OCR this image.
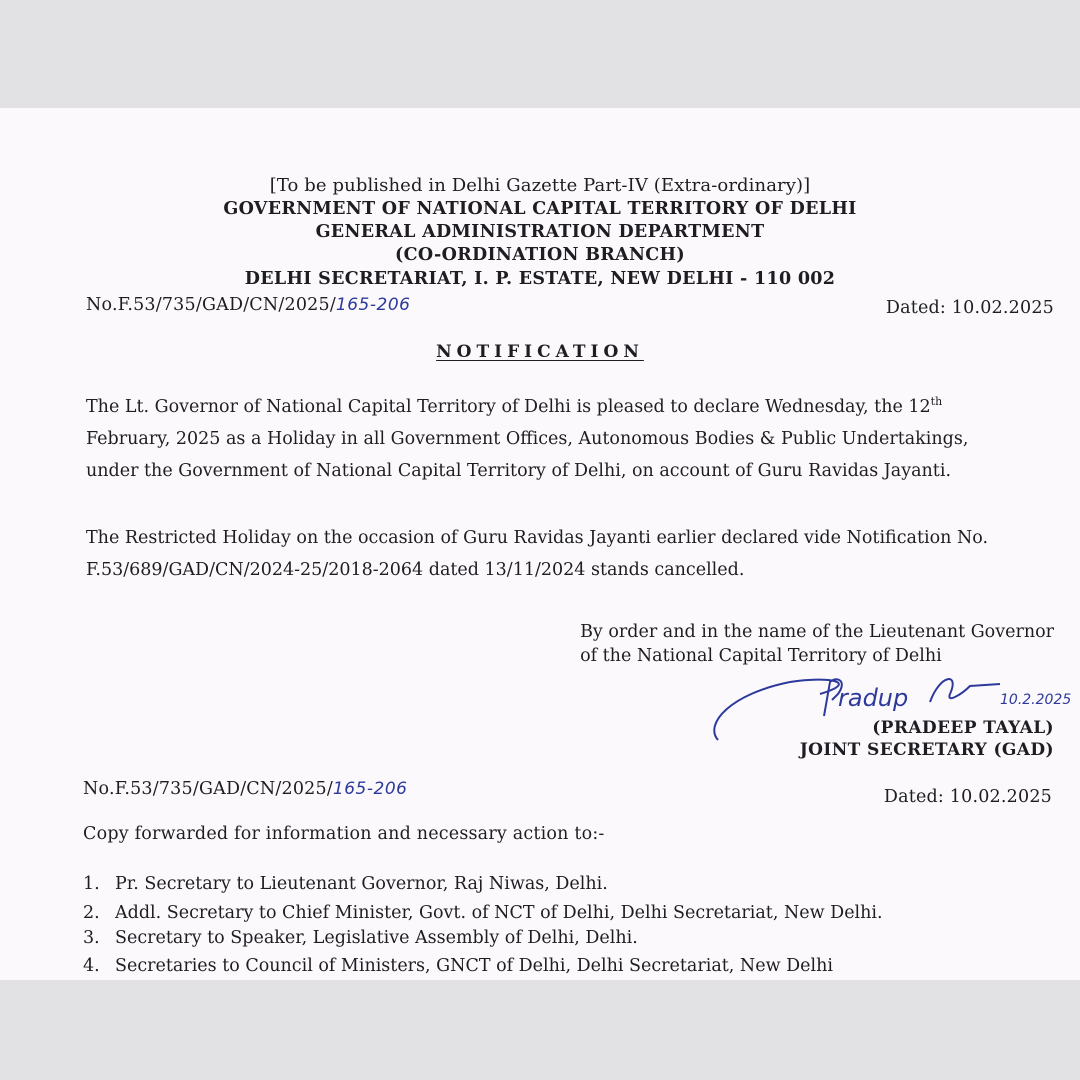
[To be published in Delhi Gazette Part-IV (Extra-ordinary)]
GOVERNMENT OF NATIONAL CAPITAL TERRITORY OF DELHI
GENERAL ADMINISTRATION DEPARTMENT
(CO-ORDINATION BRANCH)
DELHI SECRETARIAT, I. P. ESTATE, NEW DELHI - 110 002
No.F.53/735/GAD/CN/2025/165-206	Dated: 10.02.2025
NOTIFICATION
The Lt. Governor of National Capital Territory of Delhi is pleased to declare Wednesday, the 12th
February, 2025 as a Holiday in all Government Offices, Autonomous Bodies & Public Undertakings,
under the Government of National Capital Territory of Delhi, on account of Guru Ravidas Jayanti.
The Restricted Holiday on the occasion of Guru Ravidas Jayanti earlier declared vide Notification No.
F.53/689/GAD/CN/2024-25/2018-2064 dated 13/11/2024 stands cancelled.
By order and in the name of the Lieutenant Governor
of the National Capital Territory of Delhi
radup	10.2.2025
(PRADEEP TAYAL)
JOINT SECRETARY (GAD)
No.F.53/735/GAD/CN/2025/165-206	Dated: 10.02.2025
Copy forwarded for information and necessary action to:-
1. Pr. Secretary to Lieutenant Governor, Raj Niwas, Delhi.
2. Addl. Secretary to Chief Minister, Govt. of NCT of Delhi, Delhi Secretariat, New Delhi.
3. Secretary to Speaker, Legislative Assembly of Delhi, Delhi.
4. Secretaries to Council of Ministers, GNCT of Delhi, Delhi Secretariat, New Delhi
